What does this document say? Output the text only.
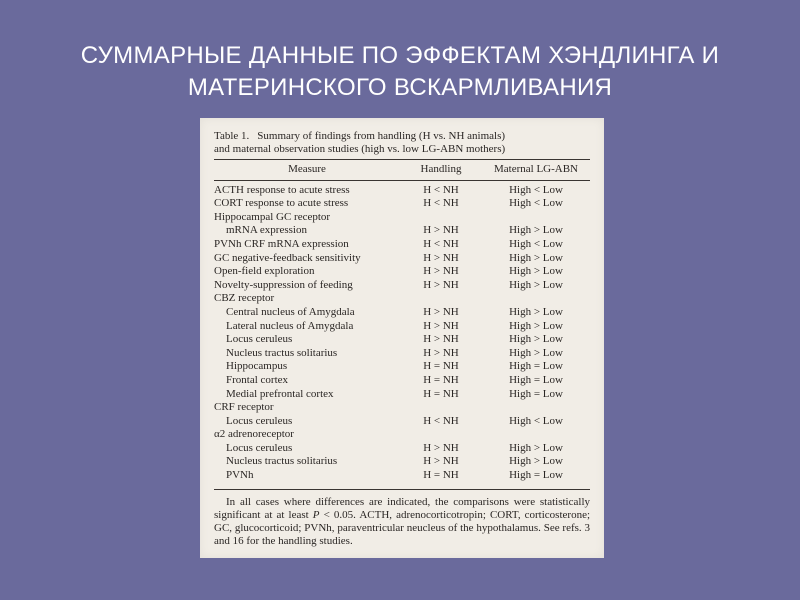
СУММАРНЫЕ ДАННЫЕ ПО ЭФФЕКТАМ ХЭНДЛИНГА И
МАТЕРИНСКОГО ВСКАРМЛИВАНИЯ
Table 1. Summary of findings from handling (H vs. NH animals)
and maternal observation studies (high vs. low LG-ABN mothers)
Measure	Handling	Maternal LG-ABN

ACTH response to acute stress	H < NH	High < Low
CORT response to acute stress	H < NH	High < Low
Hippocampal GC receptor		
mRNA expression	H > NH	High > Low
PVNh CRF mRNA expression	H < NH	High < Low
GC negative-feedback sensitivity	H > NH	High > Low
Open-field exploration	H > NH	High > Low
Novelty-suppression of feeding	H > NH	High > Low
CBZ receptor		
Central nucleus of Amygdala	H > NH	High > Low
Lateral nucleus of Amygdala	H > NH	High > Low
Locus ceruleus	H > NH	High > Low
Nucleus tractus solitarius	H > NH	High > Low
Hippocampus	H = NH	High = Low
Frontal cortex	H = NH	High = Low
Medial prefrontal cortex	H = NH	High = Low
CRF receptor		
Locus ceruleus	H < NH	High < Low
α2 adrenoreceptor		
Locus ceruleus	H > NH	High > Low
Nucleus tractus solitarius	H > NH	High > Low
PVNh	H = NH	High = Low
In all cases where differences are indicated, the comparisons were statistically significant at at least P < 0.05. ACTH, adrenocorticotropin; CORT, corticosterone; GC, glucocorticoid; PVNh, paraventricular neucleus of the hypothalamus. See refs. 3 and 16 for the handling studies.
